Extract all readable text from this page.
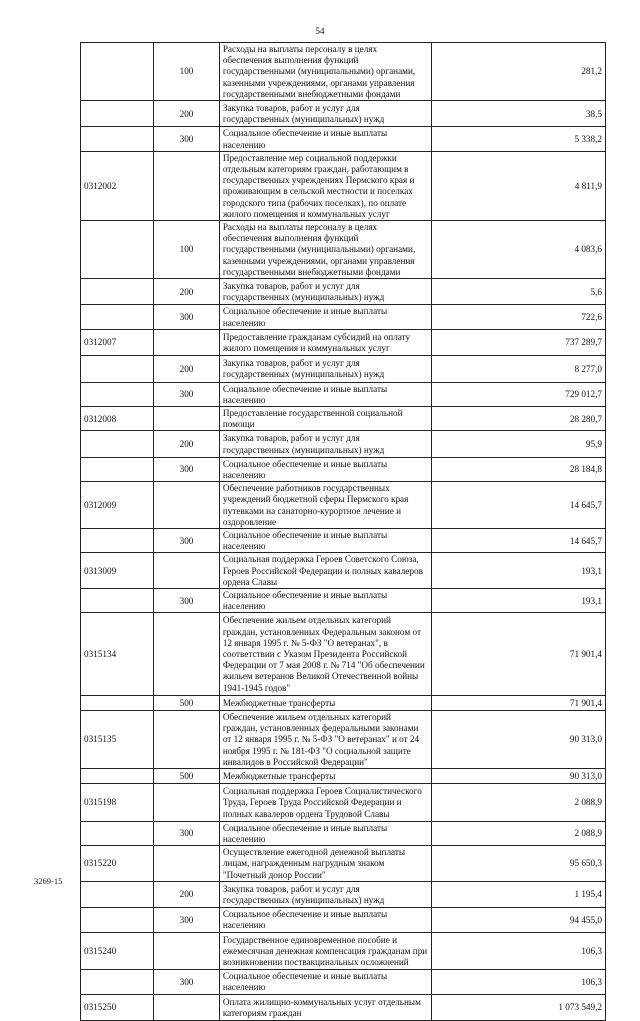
54
	100	Расходы на выплаты персоналу в целях обеспечения выполнения функций государственными (муниципальными) органами, казенными учреждениями, органами управления государственными внебюджетными фондами	281,2
	200	Закупка товаров, работ и услуг для государственных (муниципальных) нужд	38,5
	300	Социальное обеспечение и иные выплаты населению	5 338,2
0312002		Предоставление мер социальной поддержки отдельным категориям граждан, работающим в государственных учреждениях Пермского края и проживающим в сельской местности и поселках городского типа (рабочих поселках), по оплате жилого помещения и коммунальных услуг	4 811,9
	100	Расходы на выплаты персоналу в целях обеспечения выполнения функций государственными (муниципальными) органами, казенными учреждениями, органами управления государственными внебюджетными фондами	4 083,6
	200	Закупка товаров, работ и услуг для государственных (муниципальных) нужд	5,6
	300	Социальное обеспечение и иные выплаты населению	722,6
0312007		Предоставление гражданам субсидий на оплату жилого помещения и коммунальных услуг	737 289,7
	200	Закупка товаров, работ и услуг для государственных (муниципальных) нужд	8 277,0
	300	Социальное обеспечение и иные выплаты населению	729 012,7
0312008		Предоставление государственной социальной помощи	28 280,7
	200	Закупка товаров, работ и услуг для государственных (муниципальных) нужд	95,9
	300	Социальное обеспечение и иные выплаты населению	28 184,8
0312009		Обеспечение работников государственных учреждений бюджетной сферы Пермского края путевками на санаторно-курортное лечение и оздоровление	14 645,7
	300	Социальное обеспечение и иные выплаты населению	14 645,7
0313009		Социальная поддержка Героев Советского Союза, Героев Российской Федерации и полных кавалеров ордена Славы	193,1
	300	Социальное обеспечение и иные выплаты населению	193,1
0315134		Обеспечение жильем отдельных категорий граждан, установленных Федеральным законом от 12 января 1995 г. № 5-ФЗ "О ветеранах", в соответствии с Указом Президента Российской Федерации от 7 мая 2008 г. № 714 "Об обеспечении жильем ветеранов Великой Отечественной войны 1941-1945 годов"	71 901,4
	500	Межбюджетные трансферты	71 901,4
0315135		Обеспечение жильем отдельных категорий граждан, установленных федеральными законами от 12 января 1995 г. № 5-ФЗ "О ветеранах" и от 24 ноября 1995 г. № 181-ФЗ "О социальной защите инвалидов в Российской Федерации"	90 313,0
	500	Межбюджетные трансферты	90 313,0
0315198		Социальная поддержка Героев Социалистического Труда, Героев Труда Российской Федерации и полных кавалеров ордена Трудовой Славы	2 088,9
	300	Социальное обеспечение и иные выплаты населению	2 088,9
0315220		Осуществление ежегодной денежной выплаты лицам, награжденным нагрудным знаком "Почетный донор России"	95 650,3
	200	Закупка товаров, работ и услуг для государственных (муниципальных) нужд	1 195,4
	300	Социальное обеспечение и иные выплаты населению	94 455,0
0315240		Государственное единовременное пособие и ежемесячная денежная компенсация гражданам при возникновении поствакцинальных осложнений	106,3
	300	Социальное обеспечение и иные выплаты населению	106,3
0315250		Оплата жилищно-коммунальных услуг отдельным категориям граждан	1 073 549,2
3269-15
